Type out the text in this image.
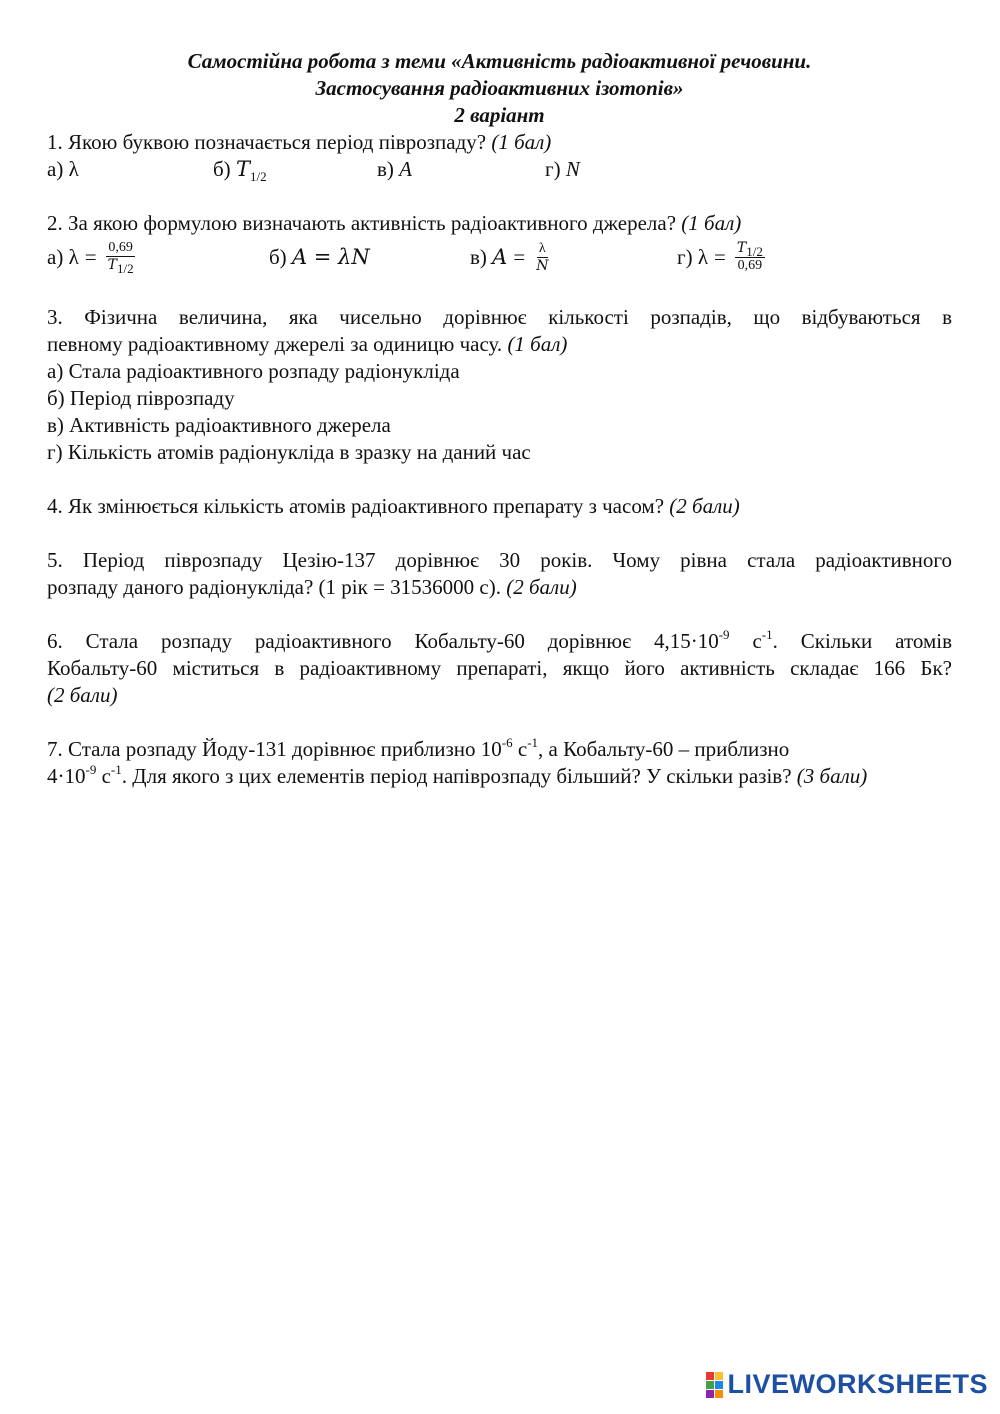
Самостійна робота з теми «Активність радіоактивної речовини.
Застосування радіоактивних ізотопів»
2 варіант
1. Якою буквою позначається період піврозпаду? (1 бал)
а) λ	б) $T_{1/2}$	в) A	г) N
2. За якою формулою визначають активність радіоактивного джерела? (1 бал)
а)
$\lambda = \frac{0,69}{T_{1/2}}$	б)
A = λN	в)
$A = \frac{\lambda}{N}$	г)
$\lambda = \frac{T_{1/2}}{0,69}$
3. Фізична величина, яка чисельно дорівнює кількості розпадів, що відбуваються в
певному радіоактивному джерелі за одиницю часу. (1 бал)
а) Стала радіоактивного розпаду радіонукліда
б) Період піврозпаду
в) Активність радіоактивного джерела
г) Кількість атомів радіонукліда в зразку на даний час
4. Як змінюється кількість атомів радіоактивного препарату з часом? (2 бали)
5. Період піврозпаду Цезію-137 дорівнює 30 років. Чому рівна стала радіоактивного
розпаду даного радіонукліда? (1 рік = 31536000 с). (2 бали)
6. Стала розпаду радіоактивного Кобальту-60 дорівнює $4,15\cdot 10^{-9}$ $с^{-1}$. Скільки атомів
Кобальту-60 міститься в радіоактивному препараті, якщо його активність складає 166 Бк?
(2 бали)
7. Стала розпаду Йоду-131 дорівнює приблизно $10^{-6}$ $с^{-1}$, а Кобальту-60 – приблизно
$4\cdot 10^{-9}$ $с^{-1}$. Для якого з цих елементів період напіврозпаду більший? У скільки разів? (3 бали)
LIVEWORKSHEETS
